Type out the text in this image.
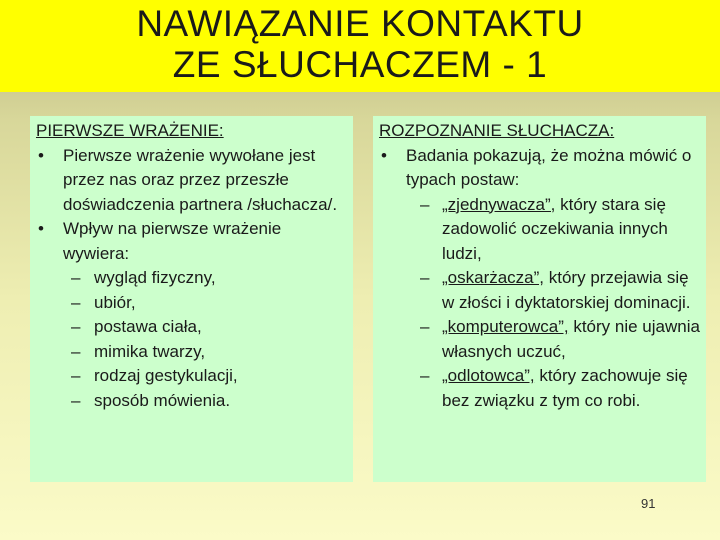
NAWIĄZANIE KONTAKTU
ZE SŁUCHACZEM - 1
PIERWSZE WRAŻENIE:
• Pierwsze wrażenie wywołane jest przez nas oraz przez przeszłe doświadczenia partnera /słuchacza/.
• Wpływ na pierwsze wrażenie wywiera:
– wygląd fizyczny,
– ubiór,
– postawa ciała,
– mimika twarzy,
– rodzaj gestykulacji,
– sposób mówienia.
ROZPOZNANIE SŁUCHACZA:
• Badania pokazują, że można mówić o typach postaw:
– „zjednywacza”, który stara się zadowolić oczekiwania innych ludzi,
– „oskarżacza”, który przejawia się w złości i dyktatorskiej dominacji.
– „komputerowca”, który nie ujawnia własnych uczuć,
– „odlotowca”, który zachowuje się bez związku z tym co robi.
91
